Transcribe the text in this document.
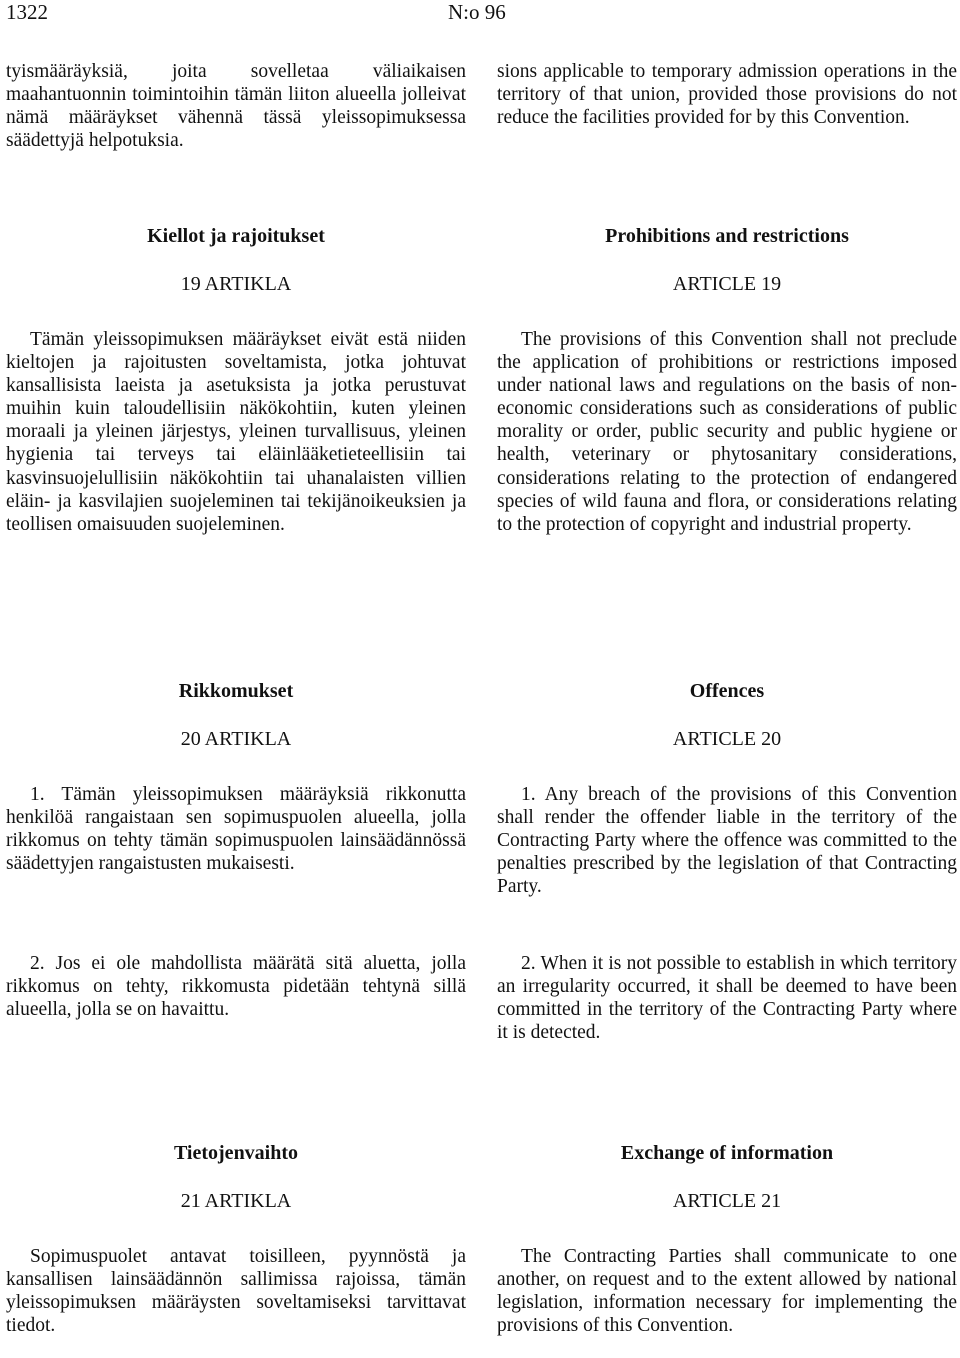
1322	N:o 96

tyismääräyksiä, joita sovelletaa väliaikaisen maahantuonnin toimintoihin tämän liiton alueella jolleivat nämä määräykset vähennä tässä yleissopimuksessa säädettyjä helpotuksia.

sions applicable to temporary admission operations in the territory of that union, provided those provisions do not reduce the facilities provided for by this Convention.

Kiellot ja rajoitukset	Prohibitions and restrictions
19 ARTIKLA	ARTICLE 19

Tämän yleissopimuksen määräykset eivät estä niiden kieltojen ja rajoitusten soveltamista, jotka johtuvat kansallisista laeista ja asetuksista ja jotka perustuvat muihin kuin taloudellisiin näkökohtiin, kuten yleinen moraali ja yleinen järjestys, yleinen turvallisuus, yleinen hygienia tai terveys tai eläinlääketieteellisiin tai kasvinsuojelullisiin näkökohtiin tai uhanalaisten villien eläin- ja kasvilajien suojeleminen tai tekijänoikeuksien ja teollisen omaisuuden suojeleminen.

The provisions of this Convention shall not preclude the application of prohibitions or restrictions imposed under national laws and regulations on the basis of non-economic considerations such as considerations of public morality or order, public security and public hygiene or health, veterinary or phytosanitary considerations, considerations relating to the protection of endangered species of wild fauna and flora, or considerations relating to the protection of copyright and industrial property.

Rikkomukset	Offences
20 ARTIKLA	ARTICLE 20

1. Tämän yleissopimuksen määräyksiä rikkonutta henkilöä rangaistaan sen sopimuspuolen alueella, jolla rikkomus on tehty tämän sopimuspuolen lainsäädännössä säädettyjen rangaistusten mukaisesti.

1. Any breach of the provisions of this Convention shall render the offender liable in the territory of the Contracting Party where the offence was committed to the penalties prescribed by the legislation of that Contracting Party.

2. Jos ei ole mahdollista määrätä sitä aluetta, jolla rikkomus on tehty, rikkomusta pidetään tehtynä sillä alueella, jolla se on havaittu.

2. When it is not possible to establish in which territory an irregularity occurred, it shall be deemed to have been committed in the territory of the Contracting Party where it is detected.

Tietojenvaihto	Exchange of information
21 ARTIKLA	ARTICLE 21

Sopimuspuolet antavat toisilleen, pyynnöstä ja kansallisen lainsäädännön sallimissa rajoissa, tämän yleissopimuksen määräysten soveltamiseksi tarvittavat tiedot.

The Contracting Parties shall communicate to one another, on request and to the extent allowed by national legislation, information necessary for implementing the provisions of this Convention.
